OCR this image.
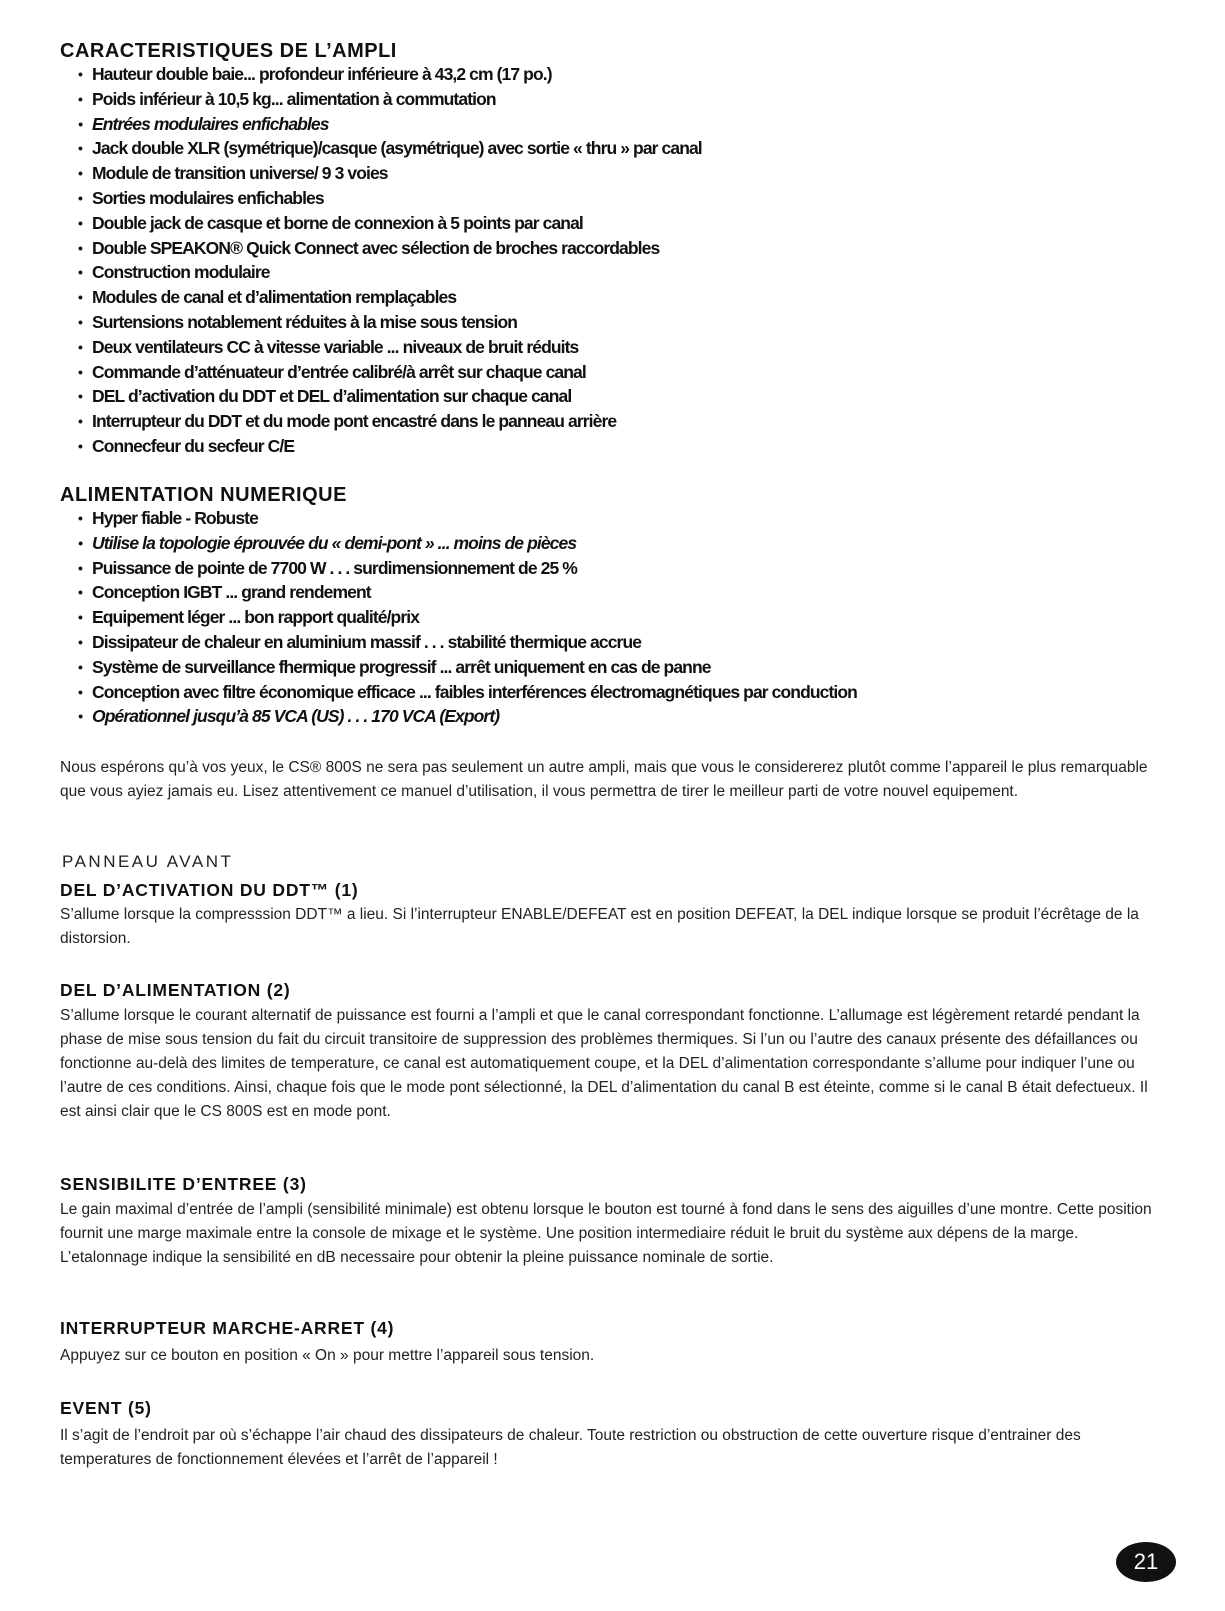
CARACTERISTIQUES DE L’AMPLI
• Hauteur double baie... profondeur inférieure à 43,2 cm (17 po.)
• Poids inférieur à 10,5 kg... alimentation à commutation
• Entrées modulaires enfichables
• Jack double XLR (symétrique)/casque (asymétrique) avec sortie « thru » par canal
• Module de transition universe/ 9 3 voies
• Sorties modulaires enfichables
• Double jack de casque et borne de connexion à 5 points par canal
• Double SPEAKON® Quick Connect avec sélection de broches raccordables
• Construction modulaire
• Modules de canal et d’alimentation remplaçables
• Surtensions notablement réduites à la mise sous tension
• Deux ventilateurs CC à vitesse variable ... niveaux de bruit réduits
• Commande d’atténuateur d’entrée calibré/à arrêt sur chaque canal
• DEL d’activation du DDT et DEL d’alimentation sur chaque canal
• Interrupteur du DDT et du mode pont encastré dans le panneau arrière
• Connecfeur du secfeur C/E
ALIMENTATION NUMERIQUE
• Hyper fiable - Robuste
• Utilise la topologie éprouvée du « demi-pont » ... moins de pièces
• Puissance de pointe de 7700 W . . . surdimensionnement de 25 %
• Conception IGBT ... grand rendement
• Equipement léger ... bon rapport qualité/prix
• Dissipateur de chaleur en aluminium massif . . . stabilité thermique accrue
• Système de surveillance fhermique progressif ... arrêt uniquement en cas de panne
• Conception avec filtre économique efficace ... faibles interférences électromagnétiques par conduction
• Opérationnel jusqu’à 85 VCA (US) . . . 170 VCA (Export)

Nous espérons qu’à vos yeux, le CS® 800S ne sera pas seulement un autre ampli, mais que vous le considererez plutôt comme l’appareil le plus remarquable que vous ayiez jamais eu. Lisez attentivement ce manuel d’utilisation, il vous permettra de tirer le meilleur parti de votre nouvel equipement.

PANNEAU AVANT

DEL D’ACTIVATION DU DDT™ (1)

S’allume lorsque la compresssion DDT™ a lieu. Si l’interrupteur ENABLE/DEFEAT est en position DEFEAT, la DEL indique lorsque se produit l’écrêtage de la distorsion.

DEL D’ALIMENTATION (2)

S’allume lorsque le courant alternatif de puissance est fourni a l’ampli et que le canal correspondant fonctionne. L’allumage est légèrement retardé pendant la phase de mise sous tension du fait du circuit transitoire de suppression des problèmes thermiques. Si l’un ou l’autre des canaux présente des défaillances ou fonctionne au-delà des limites de temperature, ce canal est automatiquement coupe, et la DEL d’alimentation correspondante s’allume pour indiquer l’une ou l’autre de ces conditions. Ainsi, chaque fois que le mode pont sélectionné, la DEL d’alimentation du canal B est éteinte, comme si le canal B était defectueux. Il est ainsi clair que le CS 800S est en mode pont.

SENSIBILITE D’ENTREE (3)

Le gain maximal d’entrée de l’ampli (sensibilité minimale) est obtenu lorsque le bouton est tourné à fond dans le sens des aiguilles d’une montre. Cette position fournit une marge maximale entre la console de mixage et le système. Une position intermediaire réduit le bruit du système aux dépens de la marge. L’etalonnage indique la sensibilité en dB necessaire pour obtenir la pleine puissance nominale de sortie.

INTERRUPTEUR MARCHE-ARRET (4)

Appuyez sur ce bouton en position « On » pour mettre l’appareil sous tension.

EVENT (5)

Il s’agit de l’endroit par où s’échappe l’air chaud des dissipateurs de chaleur. Toute restriction ou obstruction de cette ouverture risque d’entrainer des temperatures de fonctionnement élevées et l’arrêt de l’appareil !

21
